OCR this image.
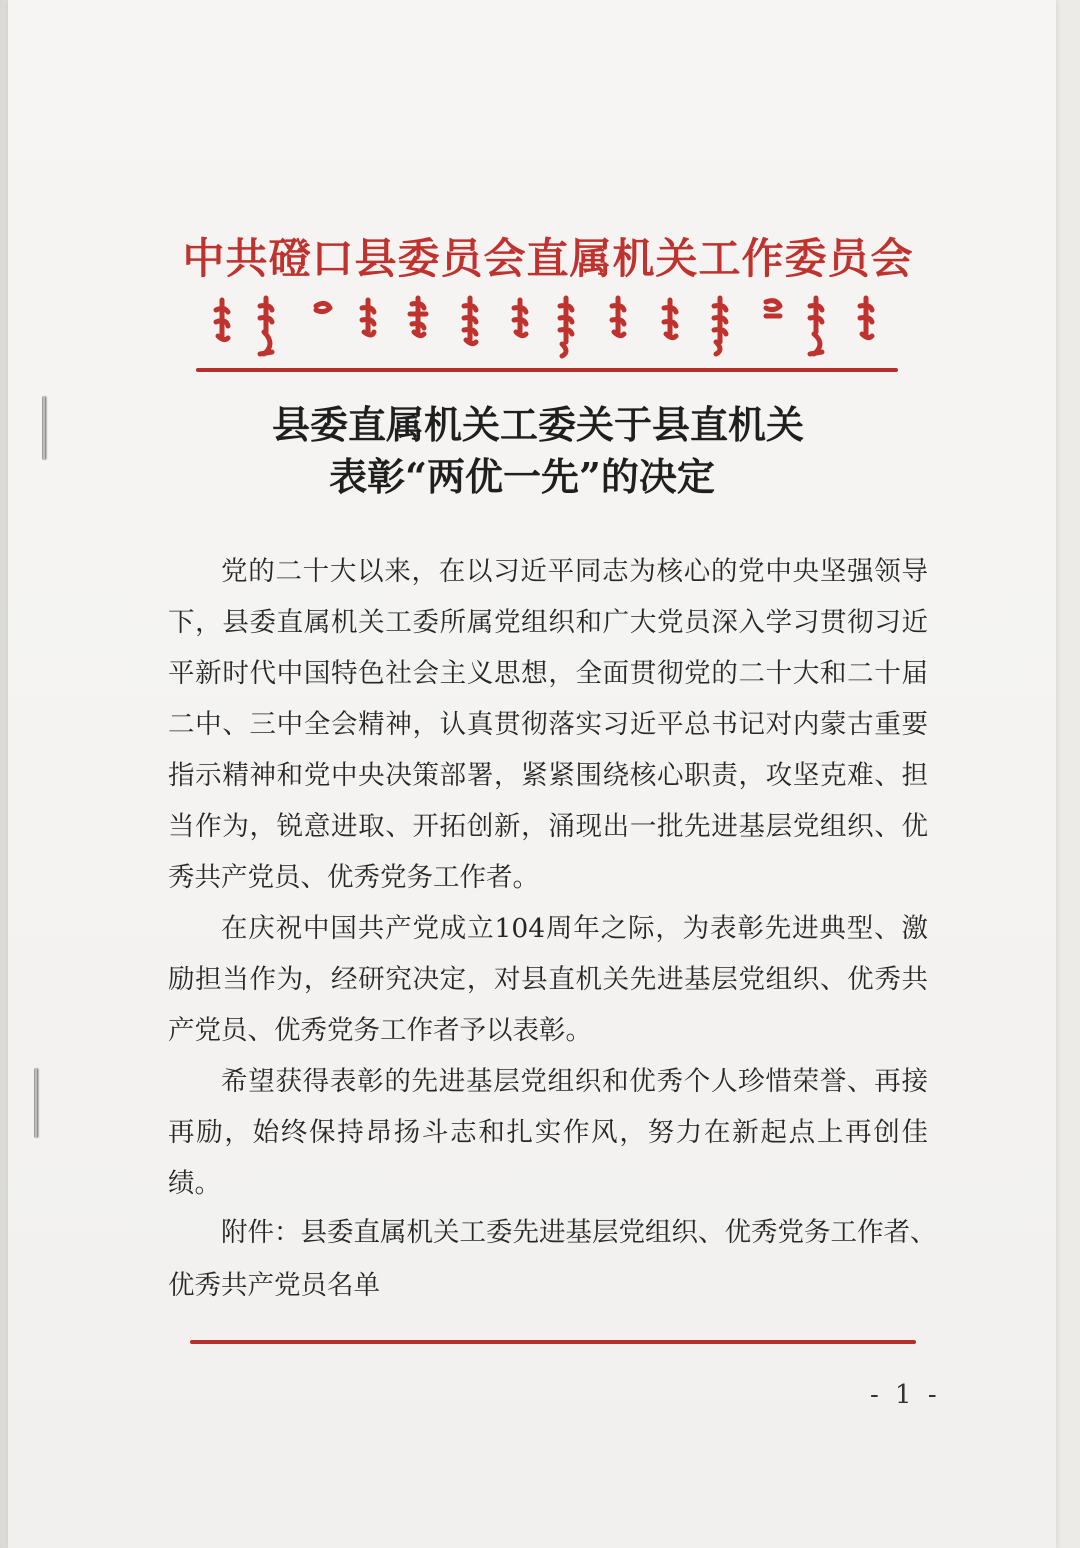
中共磴口县委员会直属机关工作委员会
县委直属机关工委关于县直机关
表彰“两优一先”的决定

党的二十大以来，在以习近平同志为核心的党中央坚强领导下，县委直属机关工委所属党组织和广大党员深入学习贯彻习近平新时代中国特色社会主义思想，全面贯彻党的二十大和二十届二中、三中全会精神，认真贯彻落实习近平总书记对内蒙古重要指示精神和党中央决策部署，紧紧围绕核心职责，攻坚克难、担当作为，锐意进取、开拓创新，涌现出一批先进基层党组织、优秀共产党员、优秀党务工作者。

在庆祝中国共产党成立104周年之际，为表彰先进典型、激励担当作为，经研究决定，对县直机关先进基层党组织、优秀共产党员、优秀党务工作者予以表彰。

希望获得表彰的先进基层党组织和优秀个人珍惜荣誉、再接再励，始终保持昂扬斗志和扎实作风，努力在新起点上再创佳绩。

附件：县委直属机关工委先进基层党组织、优秀党务工作者、优秀共产党员名单
- 1 -
